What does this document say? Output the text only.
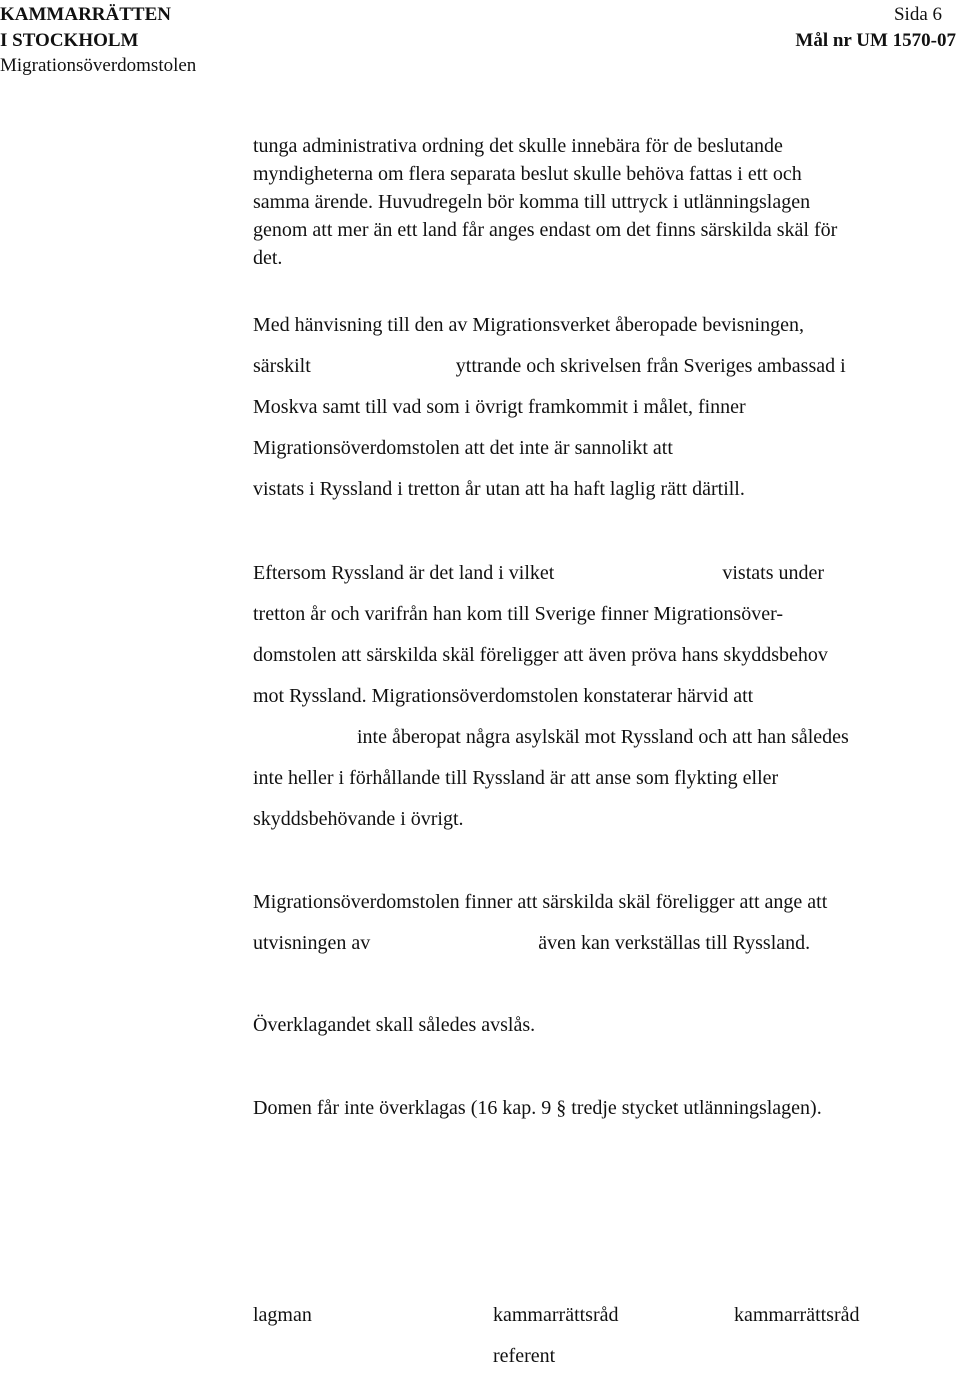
KAMMARRÄTTEN
I STOCKHOLM
Migrationsöverdomstolen
Sida 6
Mål nr UM 1570-07
tunga administrativa ordning det skulle innebära för de beslutande
myndigheterna om flera separata beslut skulle behöva fattas i ett och
samma ärende. Huvudregeln bör komma till uttryck i utlänningslagen
genom att mer än ett land får anges endast om det finns särskilda skäl för
det.
Med hänvisning till den av Migrationsverket åberopade bevisningen,
särskilt	yttrande och skrivelsen från Sveriges ambassad i
Moskva samt till vad som i övrigt framkommit i målet, finner
Migrationsöverdomstolen att det inte är sannolikt att
vistats i Ryssland i tretton år utan att ha haft laglig rätt därtill.
Eftersom Ryssland är det land i vilket	vistats under
tretton år och varifrån han kom till Sverige finner Migrationsöver-
domstolen att särskilda skäl föreligger att även pröva hans skyddsbehov
mot Ryssland. Migrationsöverdomstolen konstaterar härvid att
inte åberopat några asylskäl mot Ryssland och att han således
inte heller i förhållande till Ryssland är att anse som flykting eller
skyddsbehövande i övrigt.
Migrationsöverdomstolen finner att särskilda skäl föreligger att ange att
utvisningen av	även kan verkställas till Ryssland.
Överklagandet skall således avslås.
Domen får inte överklagas (16 kap. 9 § tredje stycket utlänningslagen).
lagman	kammarrättsråd	kammarrättsråd
referent
